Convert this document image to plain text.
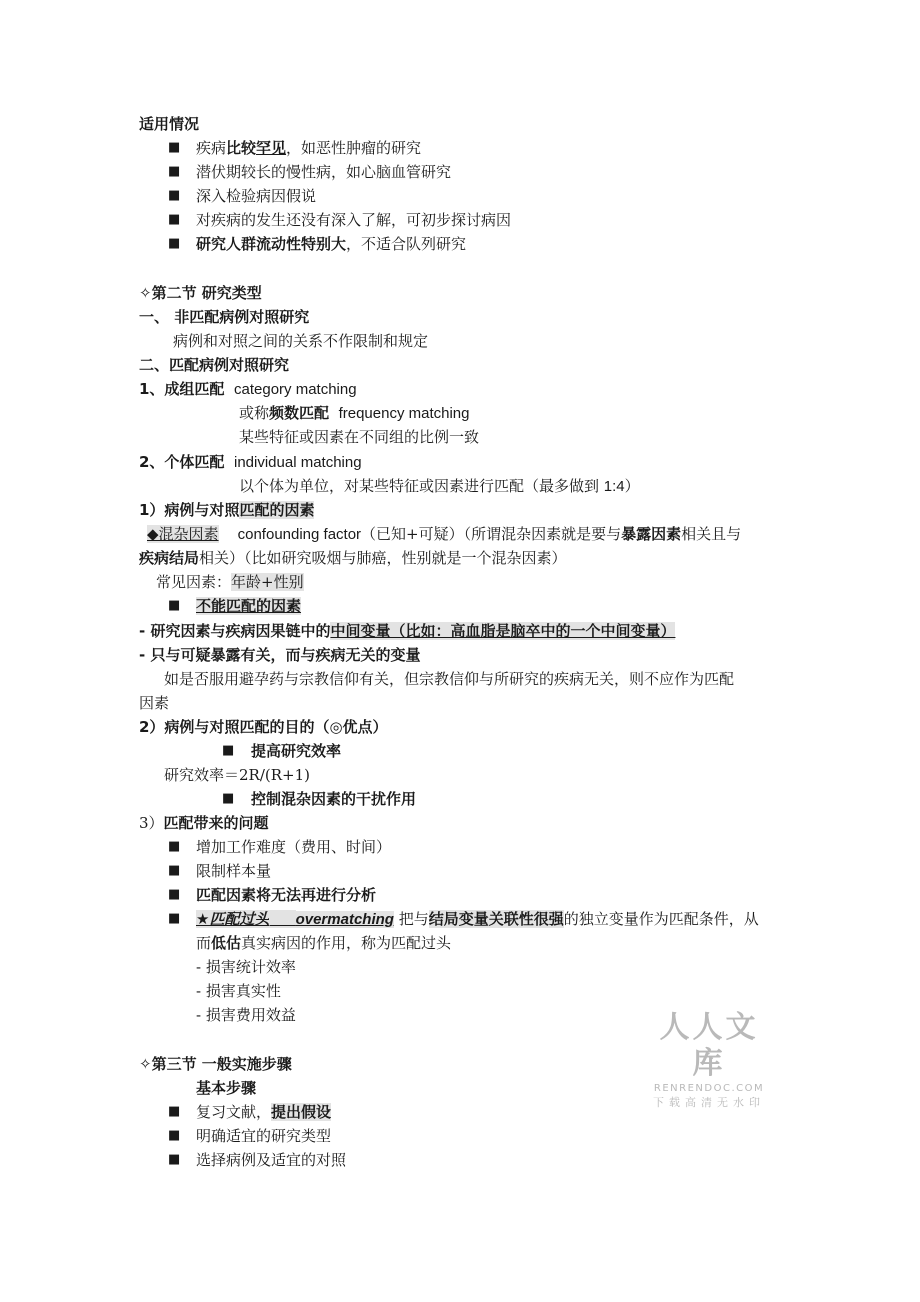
适用情况
■ 疾病比较罕见，如恶性肿瘤的研究
■ 潜伏期较长的慢性病，如心脑血管研究
■ 深入检验病因假说
■ 对疾病的发生还没有深入了解，可初步探讨病因
■ 研究人群流动性特别大，不适合队列研究
✧第二节 研究类型
一、 非匹配病例对照研究
病例和对照之间的关系不作限制和规定
二、匹配病例对照研究
1、成组匹配 category matching
或称频数匹配 frequency matching
某些特征或因素在不同组的比例一致
2、个体匹配 individual matching
以个体为单位，对某些特征或因素进行匹配（最多做到 1:4）
1）病例与对照匹配的因素
◆混杂因素 confounding factor（已知+可疑）（所谓混杂因素就是要与暴露因素相关且与
疾病结局相关）（比如研究吸烟与肺癌，性别就是一个混杂因素）
常见因素：年龄+性别
■ 不能匹配的因素
- 研究因素与疾病因果链中的中间变量（比如：高血脂是脑卒中的一个中间变量）
- 只与可疑暴露有关，而与疾病无关的变量
如是否服用避孕药与宗教信仰有关，但宗教信仰与所研究的疾病无关，则不应作为匹配
因素
2）病例与对照匹配的目的（◎优点）
■ 提高研究效率
研究效率＝2R/(R+1)
■ 控制混杂因素的干扰作用
3）匹配带来的问题
■ 增加工作难度（费用、时间）
■ 限制样本量
■ 匹配因素将无法再进行分析
■ ★匹配过头 overmatching 把与结局变量关联性很强的独立变量作为匹配条件，从
而低估真实病因的作用，称为匹配过头
- 损害统计效率
- 损害真实性
- 损害费用效益
✧第三节 一般实施步骤
基本步骤
■ 复习文献，提出假设
■ 明确适宜的研究类型
■ 选择病例及适宜的对照
人人文库
RENRENDOC.COM
下载高清无水印
